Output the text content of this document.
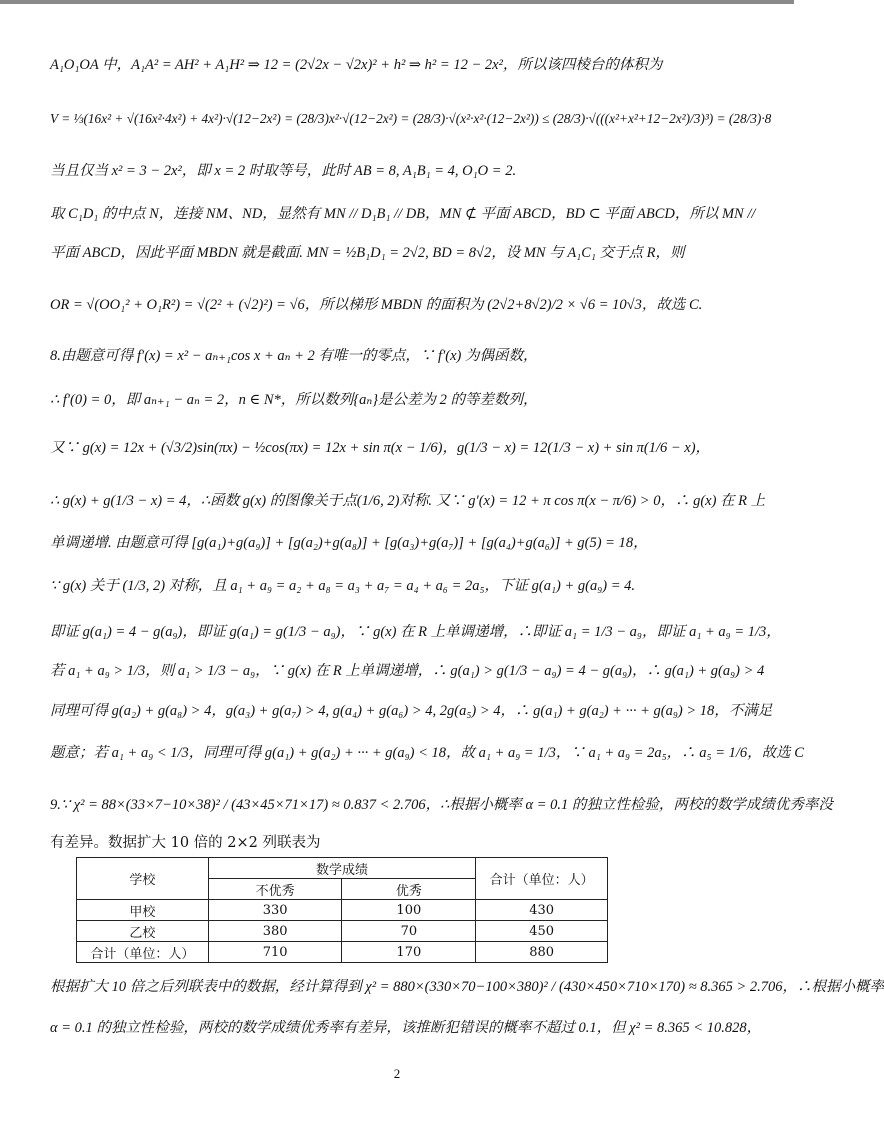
A₁O₁OA 中，A₁A² = AH² + A₁H² ⇒ 12 = (2√2x − √2x)² + h² ⇒ h² = 12 − 2x²，所以该四棱台的体积为
V = ⅓(16x² + √(16x²·4x²) + 4x²)·√(12−2x²) = (28/3)x²·√(12−2x²) = (28/3)·√(x²·x²·(12−2x²)) ≤ (28/3)·√(((x²+x²+12−2x²)/3)³) = (28/3)·8
当且仅当 x² = 3 − 2x²，即 x = 2 时取等号，此时 AB = 8, A₁B₁ = 4, O₁O = 2.
取 C₁D₁ 的中点 N，连接 NM、ND，显然有 MN // D₁B₁ // DB，MN ⊄ 平面 ABCD，BD ⊂ 平面 ABCD，所以 MN //
平面 ABCD，因此平面 MBDN 就是截面. MN = ½B₁D₁ = 2√2, BD = 8√2，设 MN 与 A₁C₁ 交于点 R，则
OR = √(OO₁² + O₁R²) = √(2² + (√2)²) = √6，所以梯形 MBDN 的面积为 (2√2+8√2)/2 × √6 = 10√3，故选 C.
8.由题意可得 f′(x) = x² − aₙ₊₁cos x + aₙ + 2 有唯一的零点，∵ f′(x) 为偶函数，
∴ f′(0) = 0，即 aₙ₊₁ − aₙ = 2，n ∈ N*，所以数列{aₙ}是公差为 2 的等差数列，
又∵ g(x) = 12x + (√3/2)sin(πx) − ½cos(πx) = 12x + sin π(x − 1/6)，g(1/3 − x) = 12(1/3 − x) + sin π(1/6 − x)，
∴ g(x) + g(1/3 − x) = 4，∴函数 g(x) 的图像关于点(1/6, 2)对称. 又∵ g′(x) = 12 + π cos π(x − π/6) > 0，∴ g(x) 在 R 上
单调递增. 由题意可得 [g(a₁)+g(a₉)] + [g(a₂)+g(a₈)] + [g(a₃)+g(a₇)] + [g(a₄)+g(a₆)] + g(5) = 18，
∵ g(x) 关于 (1/3, 2) 对称，且 a₁ + a₉ = a₂ + a₈ = a₃ + a₇ = a₄ + a₆ = 2a₅，下证 g(a₁) + g(a₉) = 4.
即证 g(a₁) = 4 − g(a₉)，即证 g(a₁) = g(1/3 − a₉)，∵ g(x) 在 R 上单调递增，∴即证 a₁ = 1/3 − a₉，即证 a₁ + a₉ = 1/3，
若 a₁ + a₉ > 1/3，则 a₁ > 1/3 − a₉，∵ g(x) 在 R 上单调递增，∴ g(a₁) > g(1/3 − a₉) = 4 − g(a₉)，∴ g(a₁) + g(a₉) > 4
同理可得 g(a₂) + g(a₈) > 4，g(a₃) + g(a₇) > 4, g(a₄) + g(a₆) > 4, 2g(a₅) > 4，∴ g(a₁) + g(a₂) + ··· + g(a₉) > 18，不满足
题意；若 a₁ + a₉ < 1/3，同理可得 g(a₁) + g(a₂) + ··· + g(a₉) < 18，故 a₁ + a₉ = 1/3，∵ a₁ + a₉ = 2a₅，∴ a₅ = 1/6，故选 C
9.∵ χ² = 88×(33×7−10×38)² / (43×45×71×17) ≈ 0.837 < 2.706，∴根据小概率 α = 0.1 的独立性检验，两校的数学成绩优秀率没
有差异。数据扩大 10 倍的 2×2 列联表为
学校	数学成绩		合计（单位：人）
	不优秀	优秀	
甲校	330	100	430
乙校	380	70	450
合计（单位：人）	710	170	880
根据扩大 10 倍之后列联表中的数据，经计算得到 χ² = 880×(330×70−100×380)² / (430×450×710×170) ≈ 8.365 > 2.706，∴根据小概率
α = 0.1 的独立性检验，两校的数学成绩优秀率有差异，该推断犯错误的概率不超过 0.1，但 χ² = 8.365 < 10.828，
2
